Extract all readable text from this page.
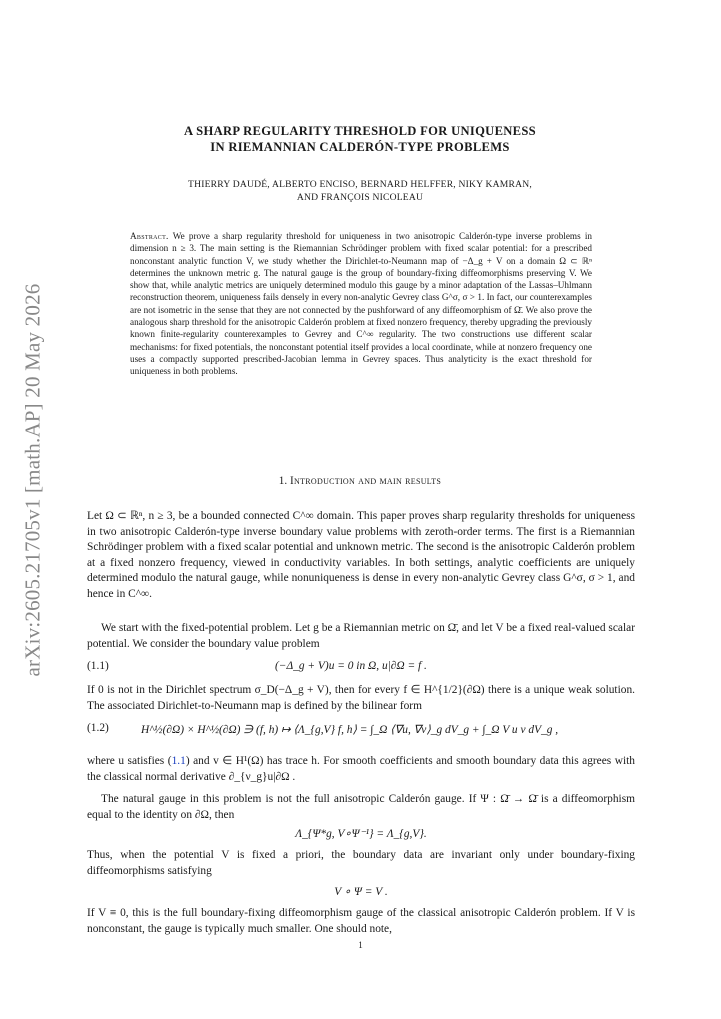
arXiv:2605.21705v1 [math.AP] 20 May 2026
A SHARP REGULARITY THRESHOLD FOR UNIQUENESS
IN RIEMANNIAN CALDERÓN-TYPE PROBLEMS
THIERRY DAUDÉ, ALBERTO ENCISO, BERNARD HELFFER, NIKY KAMRAN,
AND FRANÇOIS NICOLEAU
Abstract. We prove a sharp regularity threshold for uniqueness in two anisotropic Calderón-type inverse problems in dimension n ≥ 3. The main setting is the Riemannian Schrödinger problem with fixed scalar potential: for a prescribed nonconstant analytic function V, we study whether the Dirichlet-to-Neumann map of −Δ_g + V on a domain Ω ⊂ ℝⁿ determines the unknown metric g. The natural gauge is the group of boundary-fixing diffeomorphisms preserving V. We show that, while analytic metrics are uniquely determined modulo this gauge by a minor adaptation of the Lassas–Uhlmann reconstruction theorem, uniqueness fails densely in every non-analytic Gevrey class G^σ, σ > 1. In fact, our counterexamples are not isometric in the sense that they are not connected by the pushforward of any diffeomorphism of Ω̄. We also prove the analogous sharp threshold for the anisotropic Calderón problem at fixed nonzero frequency, thereby upgrading the previously known finite-regularity counterexamples to Gevrey and C^∞ regularity. The two constructions use different scalar mechanisms: for fixed potentials, the nonconstant potential itself provides a local coordinate, while at nonzero frequency one uses a compactly supported prescribed-Jacobian lemma in Gevrey spaces. Thus analyticity is the exact threshold for uniqueness in both problems.
1. Introduction and main results

Let Ω ⊂ ℝⁿ, n ≥ 3, be a bounded connected C^∞ domain. This paper proves sharp regularity thresholds for uniqueness in two anisotropic Calderón-type inverse boundary value problems with zeroth-order terms. The first is a Riemannian Schrödinger problem with a fixed scalar potential and unknown metric. The second is the anisotropic Calderón problem at a fixed nonzero frequency, viewed in conductivity variables. In both settings, analytic coefficients are uniquely determined modulo the natural gauge, while nonuniqueness is dense in every non-analytic Gevrey class G^σ, σ > 1, and hence in C^∞.

We start with the fixed-potential problem. Let g be a Riemannian metric on Ω̄, and let V be a fixed real-valued scalar potential. We consider the boundary value problem

(1.1)	(−Δ_g + V)u = 0 in Ω, u|∂Ω = f .

If 0 is not in the Dirichlet spectrum σ_D(−Δ_g + V), then for every f ∈ H^{1/2}(∂Ω) there is a unique weak solution. The associated Dirichlet-to-Neumann map is defined by the bilinear form

(1.2)	H^½(∂Ω) × H^½(∂Ω) ∋ (f, h) ↦ ⟨Λ_{g,V} f, h⟩ = ∫_Ω ⟨∇u, ∇v⟩_g dV_g + ∫_Ω V u v dV_g ,

where u satisfies (1.1) and v ∈ H¹(Ω) has trace h. For smooth coefficients and smooth boundary data this agrees with the classical normal derivative ∂_{ν_g}u|∂Ω .

The natural gauge in this problem is not the full anisotropic Calderón gauge. If Ψ : Ω̄ → Ω̄ is a diffeomorphism equal to the identity on ∂Ω, then

Λ_{Ψ*g, V∘Ψ⁻¹} = Λ_{g,V}.

Thus, when the potential V is fixed a priori, the boundary data are invariant only under boundary-fixing diffeomorphisms satisfying

V ∘ Ψ = V .

If V ≡ 0, this is the full boundary-fixing diffeomorphism gauge of the classical anisotropic Calderón problem. If V is nonconstant, the gauge is typically much smaller. One should note,

1
